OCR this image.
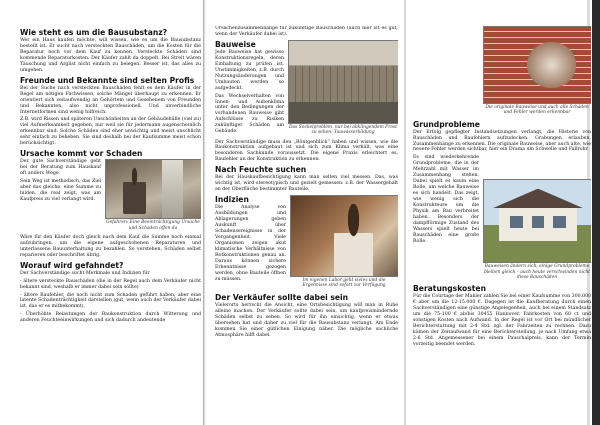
Wie steht es um die Bausubstanz?

Wer ein Haus kaufen möchte, will wissen, wie es um die Bausubstanz bestellt ist. Er sucht nach versteckten Bauschäden, um die Kosten für die Reparatur noch vor dem Kauf zu kennen. Versteckte Schäden sind kommende Reparaturkosten. Der Käufer zahlt da doppelt. Bei Streit wären Täuschung und Arglist nicht einfach zu belegen. Besser ist, das alles zu umgehen.

Freunde und Bekannte sind selten Profis

Bei der Suche nach versteckten Bauschäden fehlt es dem Käufer in der Regel am nötigen Fachwissen, solche Mängel überhaupt zu erkennen. Er orientiert sich zeitaufwendig an Gehörtem und Gesehenem von Freunden und Bekannten, also nicht unprofessionell. Und unverbindliche Internetformen sind wenig hilfreich.

Z.B. wird Rissen und späteren Unschönheiten an der Gebäudehülle (viel zu) viel Aufmerksamkeit gegeben, nur weil sie für jedermann augenscheinlich erkennbar sind. Solche Schäden sind eher unwichtig und meist unschlicht sehr einfach zu beheben. Sie sind deshalb bei der Kaufsumme meist schon berücksichtigt.

Ursache kommt vor Schaden
Gefahren: Eine Beeinträchtigung Ursache und Schaden offen da

Der gute Sachverständige geht bei der Beratung zum Hauskauf oft anders Wege.

Sein Weg ist methodisch, das Ziel aber das gleiche, eine Summe zu bilden, die real zeigt, was am Kaufpreis zu viel verlangt wird.

Wäre für den Käufer doch gleich nach dem Kauf die Summe noch einmal aufzubringen, um die eigene aufgeschobenen Reparaturen und unterlassene Bauunterhaltung zu bezahlen. So verstehen, Schäden selbst reparieren oder beschriftet übrig.

Worauf wird gefahndet?

Der Sachverständige sucht Merkmale und Indizien für

- ältere versteckte Bauschäden (die in der Regel auch dem Verkäufer nicht bekannt sind, weshalb er immer dabei sein sollte)

- ältere Baufehler, die noch nicht zum Schaden geführt haben, aber eine latente Schadenträchtigkeit darstellen (gut, wenn auch der Verkäufer dabei ist, das er es mitbekommt),

- Überhöhte Belastungen der Baukonstruktion durch Witterung und anderen Feuchteeinwirkungen und sich dadurch andeutende

Ursachenzusammenhänge für zukünftige Bauschäden (auch hier ist es gut, wenn der Verkäufer dabei ist).

Das Sockelproblem, nur bei abklingendem Frost zu sehen: Tauwasserbildung
Bauweise

Jede Bauweise hat gewisse Konstruktionsregeln, deren Einhaltung zu prüfen ist. Unstimmigkeiten, z.B. durch Nutzungsänderungen und Umbauten werden so aufgedeckt.

Das Wechselverhalten von Innen- und Außenklima unter den Bedingungen der vorhandenen Bauweise gibt Aufschlüsse zu Risiken zukünftiger Schäden am Gebäude.

Der Sachverständige muss den „Röntgenblick“ haben und wissen, wie die Baukonstruktion aufgebaut ist und sich zum Klima verhält, was eine besonderen Sachkunde voraussetzt. Die eigene Praxis erleichtert es, Baufehler an der Konstruktion zu erkennen.

Nach Feuchte suchen

Bei der Hauskaufbesichtigung kann man selten viel messen. Das, was wichtig ist, wird stereotypisch und gezielt gemessen: z.B. der Wassergehalt an der Oberfläche bestimmter Bauteile.

Im eigenen Labor geht vieles und die Ergebnisse sind sofort zur Verfügung
Indizien

Die Analyse von Ausbildungen und Ablagerungen geben Auskunft über Schadensereignisse in der Vergangenheit. Viele Organismen zeigen akut klimatische Verhältnisse von Rotkonstruktionen genau an. Daraus können sichere Erkenntnisse gezogen werden, ohne Bauteile öffnen zu müssen.

Der Verkäufer sollte dabei sein

Vielerorts herrscht die Ansicht, eine Ortsbesichtigung will man in Ruhe alleine machen. Der Verkäufer sollte dabei sein, um kaufpreismindernde Schäden selbst zu sehen. So wird für ihn einsichtig, wenn er etwas übersehen hat und daher zu viel für die Bausubstanz verlangt. Am Ende kommen Sie einer gütlichen Einigung näher. Die mögliche sachliche Atmosphäre hilft dabei.

Die originale Bauweise und auch alle Schäden und Fehler werden erkennbar
Grundprobleme

Der Erfolg gepflegter Instandsetzungen verlangt, die Historie von Bauschäden und Baufehlern aufzudecken. Grabungen erlauben, Zusammenhänge zu erkennen. Die originale Bauweise, aber auch alte, wie neuere Fehler werden sichtbar, hier ein Drama um Schwelle und Fallrohr.

Bauweisen ändern sich, einige Grundprobleme bleiben gleich – auch heute verschwinden nicht diese Bauschäden

Es sind wiederkehrende Grundprobleme, die in der Mehrzahl mit Wasser im Zusammenhang stehen. Dabei spielt es kaum eine Rolle, um welche Bauweise es sich handelt. Das zeigt, wie wenig sich die Konstrukteure um die Physik am Bau verbreitet haben. Besonders der dampfförmige Zustand des Wassers spielt heute bei Bauschäden eine große Rolle.

Beratungskosten

Für die Courtage der Makler zahlen Sie bei einer Kaufsumme von 300.000 € aber um die 12-15.000 €. Dagegen ist die Kaufberatung durch einen Sachverständigen eine günstige Angelegenheit, auch bei einem Standsatz um die 75-100 € ab/bis 30455 Hannover, Fahrkosten von 60 ct und sonstigen Kosten nach Aufwand. In der Regel ist vor Ort bei mündlicher Berichterstattung mit 2-4 Std. zgl. der Fahrzeiten zu rechnen. Dazu kämen der Zeitaufwand für eine Berichterstellung, je nach Umfang etwa 2-6 Std. Angemessener bei einem Pauschalpreis, kann der Termin vorzeitig beendet werden.
